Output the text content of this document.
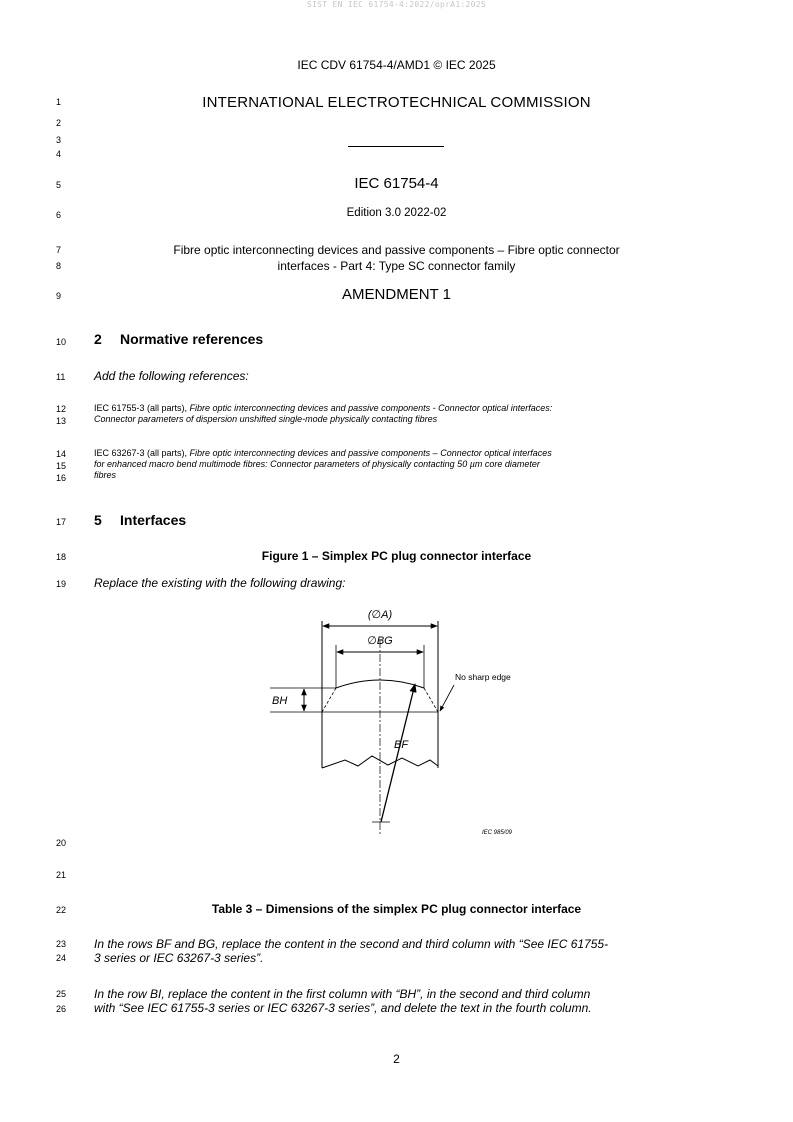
SIST EN IEC 61754-4:2022/oprA1:2025
IEC CDV 61754-4/AMD1 © IEC 2025
1
2
3
4
5
6
7
8
9
10
11
12
13
14
15
16
17
18
19
20
21
22
23
24
25
26
INTERNATIONAL ELECTROTECHNICAL COMMISSION
IEC 61754-4
Edition 3.0 2022-02
Fibre optic interconnecting devices and passive components – Fibre optic connector
interfaces - Part 4: Type SC connector family
AMENDMENT 1
2 Normative references
Add the following references:
IEC 61755-3 (all parts), Fibre optic interconnecting devices and passive components - Connector optical interfaces:
Connector parameters of dispersion unshifted single-mode physically contacting fibres
IEC 63267-3 (all parts), Fibre optic interconnecting devices and passive components – Connector optical interfaces
for enhanced macro bend multimode fibres: Connector parameters of physically contacting 50 µm core diameter
fibres
5 Interfaces
Figure 1 – Simplex PC plug connector interface
Replace the existing with the following drawing:
(∅A)
∅BG
BH
BF
No sharp edge
IEC 985/09
Table 3 – Dimensions of the simplex PC plug connector interface
In the rows BF and BG, replace the content in the second and third column with “See IEC 61755-
3 series or IEC 63267-3 series”.
In the row BI, replace the content in the first column with “BH”, in the second and third column
with “See IEC 61755-3 series or IEC 63267-3 series”, and delete the text in the fourth column.
2
